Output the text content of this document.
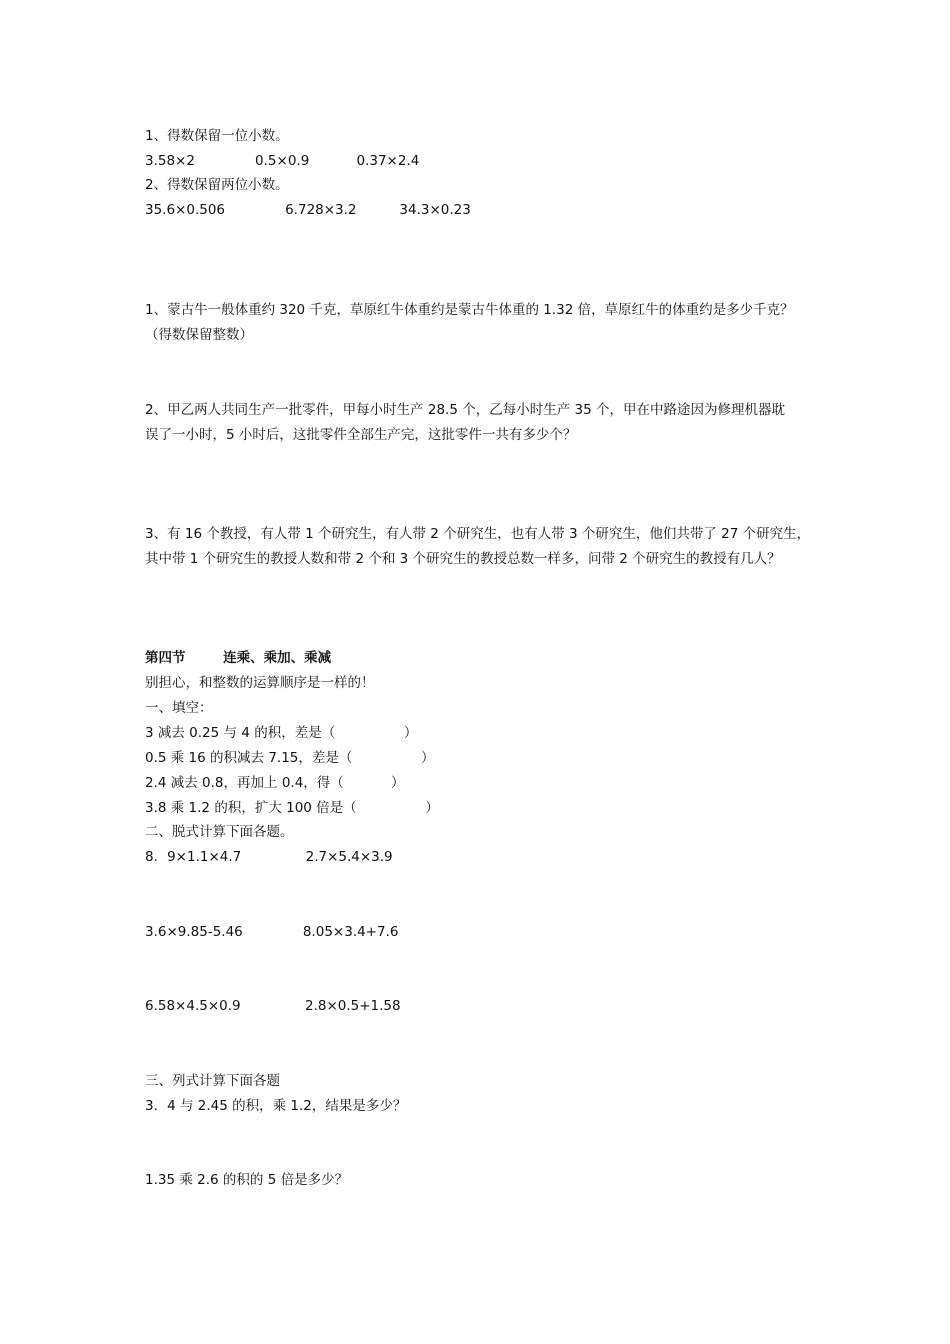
1、得数保留一位小数。
3.58×2              0.5×0.9           0.37×2.4
2、得数保留两位小数。
35.6×0.506              6.728×3.2          34.3×0.23
1、蒙古牛一般体重约 320 千克，草原红牛体重约是蒙古牛体重的 1.32 倍，草原红牛的体重约是多少千克？
（得数保留整数）
2、甲乙两人共同生产一批零件，甲每小时生产 28.5 个，乙每小时生产 35 个，甲在中路途因为修理机器耽
误了一小时，5 小时后，这批零件全部生产完，这批零件一共有多少个？
3、有 16 个教授，有人带 1 个研究生，有人带 2 个研究生，也有人带 3 个研究生，他们共带了 27 个研究生，
其中带 1 个研究生的教授人数和带 2 个和 3 个研究生的教授总数一样多，问带 2 个研究生的教授有几人？
第四节        连乘、乘加、乘减
别担心，和整数的运算顺序是一样的！
一、填空：
3 减去 0.25 与 4 的积，差是（                ）
0.5 乘 16 的积减去 7.15，差是（                ）
2.4 减去 0.8，再加上 0.4，得（           ）
3.8 乘 1.2 的积，扩大 100 倍是（                ）
二、脱式计算下面各题。
8．9×1.1×4.7               2.7×5.4×3.9
3.6×9.85-5.46              8.05×3.4+7.6
6.58×4.5×0.9               2.8×0.5+1.58
三、列式计算下面各题
3．4 与 2.45 的积，乘 1.2，结果是多少？
1.35 乘 2.6 的积的 5 倍是多少？
